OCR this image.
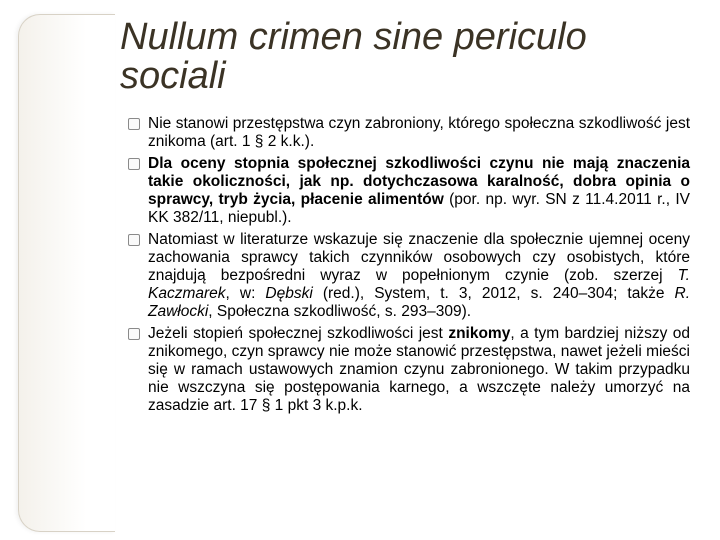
Nullum crimen sine periculo sociali
Nie stanowi przestępstwa czyn zabroniony, którego społeczna szkodliwość jest znikoma (art. 1 § 2 k.k.).
Dla oceny stopnia społecznej szkodliwości czynu nie mają znaczenia takie okoliczności, jak np. dotychczasowa karalność, dobra opinia o sprawcy, tryb życia, płacenie alimentów (por. np. wyr. SN z 11.4.2011 r., IV KK 382/11, niepubl.).
Natomiast w literaturze wskazuje się znaczenie dla społecznie ujemnej oceny zachowania sprawcy takich czynników osobowych czy osobistych, które znajdują bezpośredni wyraz w popełnionym czynie (zob. szerzej T. Kaczmarek, w: Dębski (red.), System, t. 3, 2012, s. 240–304; także R. Zawłocki, Społeczna szkodliwość, s. 293–309).
Jeżeli stopień społecznej szkodliwości jest znikomy, a tym bardziej niższy od znikomego, czyn sprawcy nie może stanowić przestępstwa, nawet jeżeli mieści się w ramach ustawowych znamion czynu zabronionego. W takim przypadku nie wszczyna się postępowania karnego, a wszczęte należy umorzyć na zasadzie art. 17 § 1 pkt 3 k.p.k.
